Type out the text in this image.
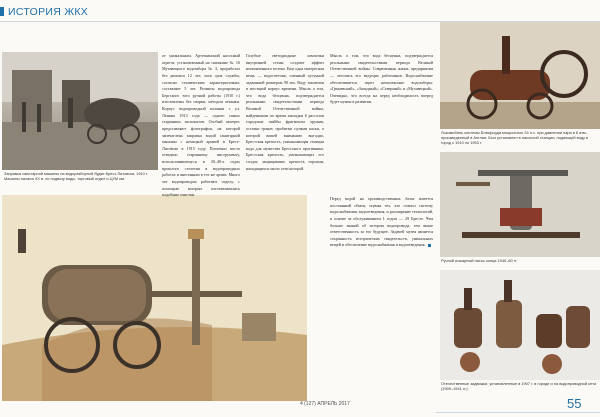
ИСТОРИЯ ЖКХ
Заправка санитарной машины на водоразборной будке Брест-Литовска, 1910 г. Машины начала ХХ в. по подвозу воды, торговый отдел и ЦУМ им.
от уникальным. Артезианский насосный агрегат, установленный на скважине № 16 Мухавецкого водозабора № 3, проработал без ремонта 12 лет, хотя срок службы, согласно техническим характеристикам, составляет 5 лет. Реликты водопровода Бергского того ручной работы (1910 г.) изготовлены без сварки, методом чеканки. Корпус водопроводной колонки с ул. Ленина 1913 года — одного самых старинных экспонатов. Особый интерес представляют фотографии, на которой запечатлена заправка водой санитарной машины с немецкой армией в Брест-Литовске в 1915 году. Почтенно место отведено старинному инструменту, использовавшемуся в 30–40-х годах прошлого столетия в водопроводных работах и внесенным в тот же архив. Много лет водопроводом работают отделу, с помощью которых изготавливались подобные очистки.
Голубые светодиодные лампочки внутренней стены создают эффект неоконченного потока. Еще одна интересная вещь — водосчетчик, сменный чугунной задвижкой размером 90 мм. Воду заключен в жестяной корпус времени. Мысль о том, что вода бесценна, подтверждается реальными свидетельствами периода Великой Отечественной войны, найденными по время закладки 6 рассолов городские шайбы фрагменты оружия, остатки гранат, пробитые пулями каски, о которой вашей вниманию выгодно, Брестская крепость, уменьшающая стоящая вода для мужества Брестского противника. Брестская крепость, уменьшающих его солдат, защищавших крепость горожан, находящихся около сети которой.
Мысль о том, что вода бесценна, подтверждается реальными свидетельствами периода Великой Отечественной войны. Современная жизнь предприятия — летопись его ведущих работников. Водоснабжение обеспечивается через комплексные водозаборы: «Гриневский», «Западный», «Северный» и «Мухавецкий». Очевидно, что всегда на перед необходимость вперед будет нужен в развитии.
Перед водой на производственных базах имеется постоянный обмен, оценка тех, кто освоил систему водоснабжения, водоотведения, и расширение технологий, в основе за обслуживанием 1 годом — 29 Бресте. Чем больше знаний об истории водопровода, тем выше ответственность за его будущее. Задачей музея является сохранность исторических свидетельств, уникальных вещей и обеспечение водоснабжения и водоотведения.
Локомобиль системы Блэкфорда мощностью 24 л.с. при давлении пара в 6 атм., произведенный в Англии. Был установлен в насосной станции, подающей воду в город с 1910 по 1953 г.
Ручной пожарный насос конца 1940–60 гг.
Отечественные задвижки, установленные в 1907 г. в городе и на водопроводной сети (1909–1941 гг.).
4 (127) АПРЕЛЬ 2017	55
